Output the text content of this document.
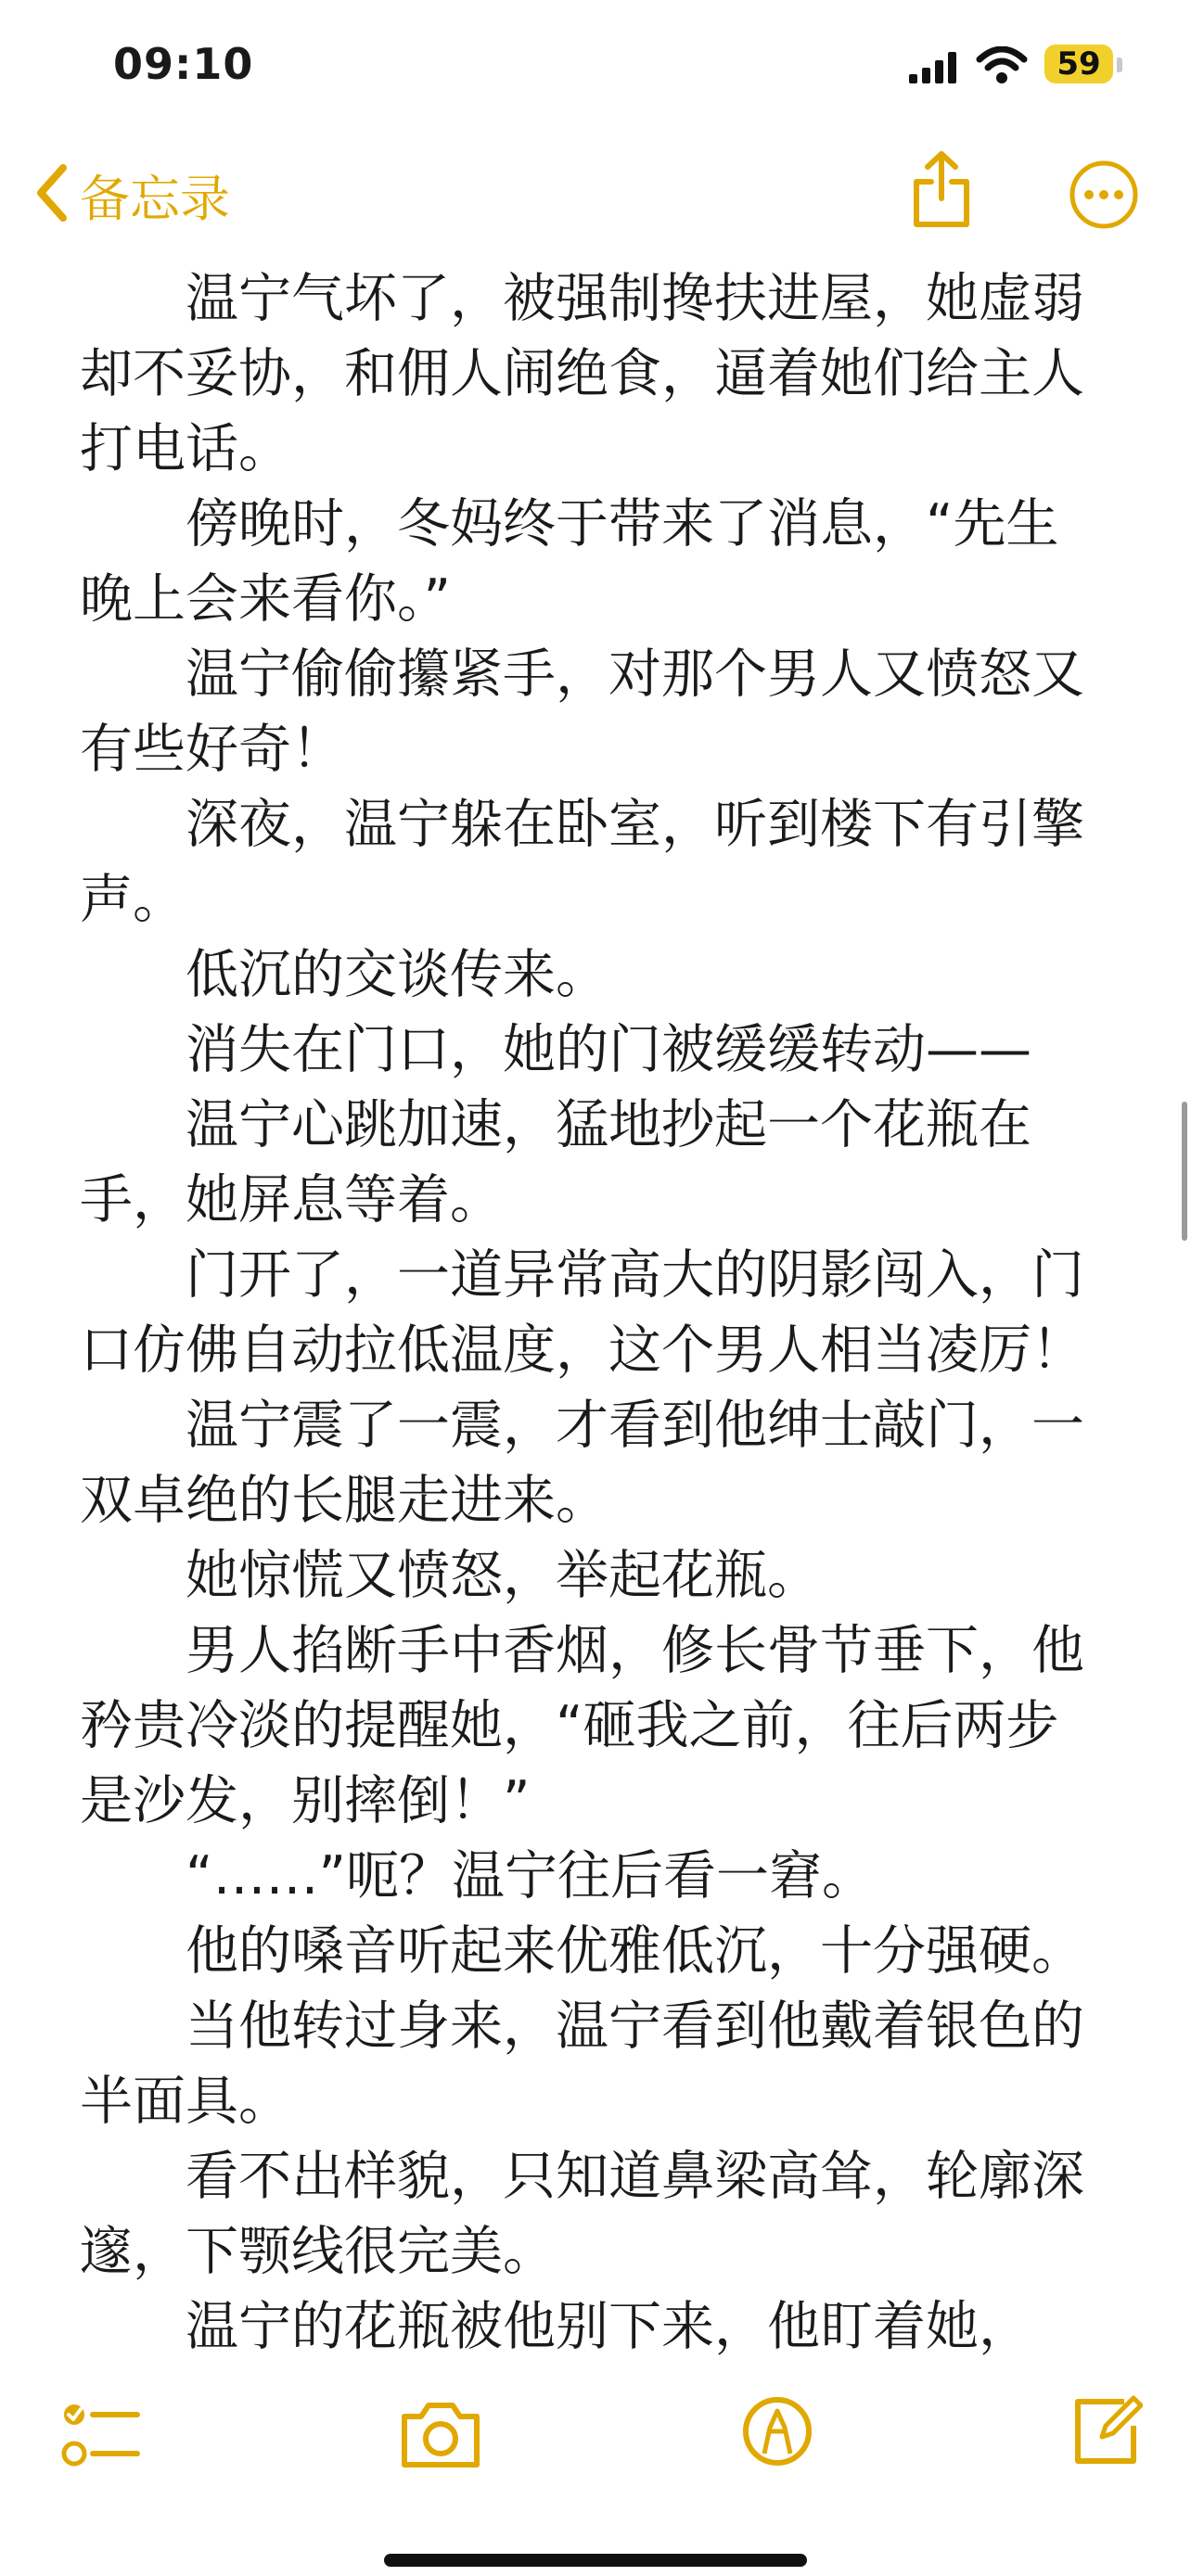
09:10	59
备忘录

温宁气坏了，被强制搀扶进屋，她虚弱却不妥协，和佣人闹绝食，逼着她们给主人打电话。

傍晚时，冬妈终于带来了消息，“先生晚上会来看你。”

温宁偷偷攥紧手，对那个男人又愤怒又有些好奇！

深夜，温宁躲在卧室，听到楼下有引擎声。

低沉的交谈传来。

消失在门口，她的门被缓缓转动——

温宁心跳加速，猛地抄起一个花瓶在手，她屏息等着。

门开了，一道异常高大的阴影闯入，门口仿佛自动拉低温度，这个男人相当凌厉！

温宁震了一震，才看到他绅士敲门，一双卓绝的长腿走进来。

她惊慌又愤怒，举起花瓶。

男人掐断手中香烟，修长骨节垂下，他矜贵冷淡的提醒她，“砸我之前，往后两步是沙发，别摔倒！”

“……”呃？温宁往后看一窘。

他的嗓音听起来优雅低沉，十分强硬。

当他转过身来，温宁看到他戴着银色的半面具。

看不出样貌，只知道鼻梁高耸，轮廓深邃，下颚线很完美。

温宁的花瓶被他别下来，他盯着她，
